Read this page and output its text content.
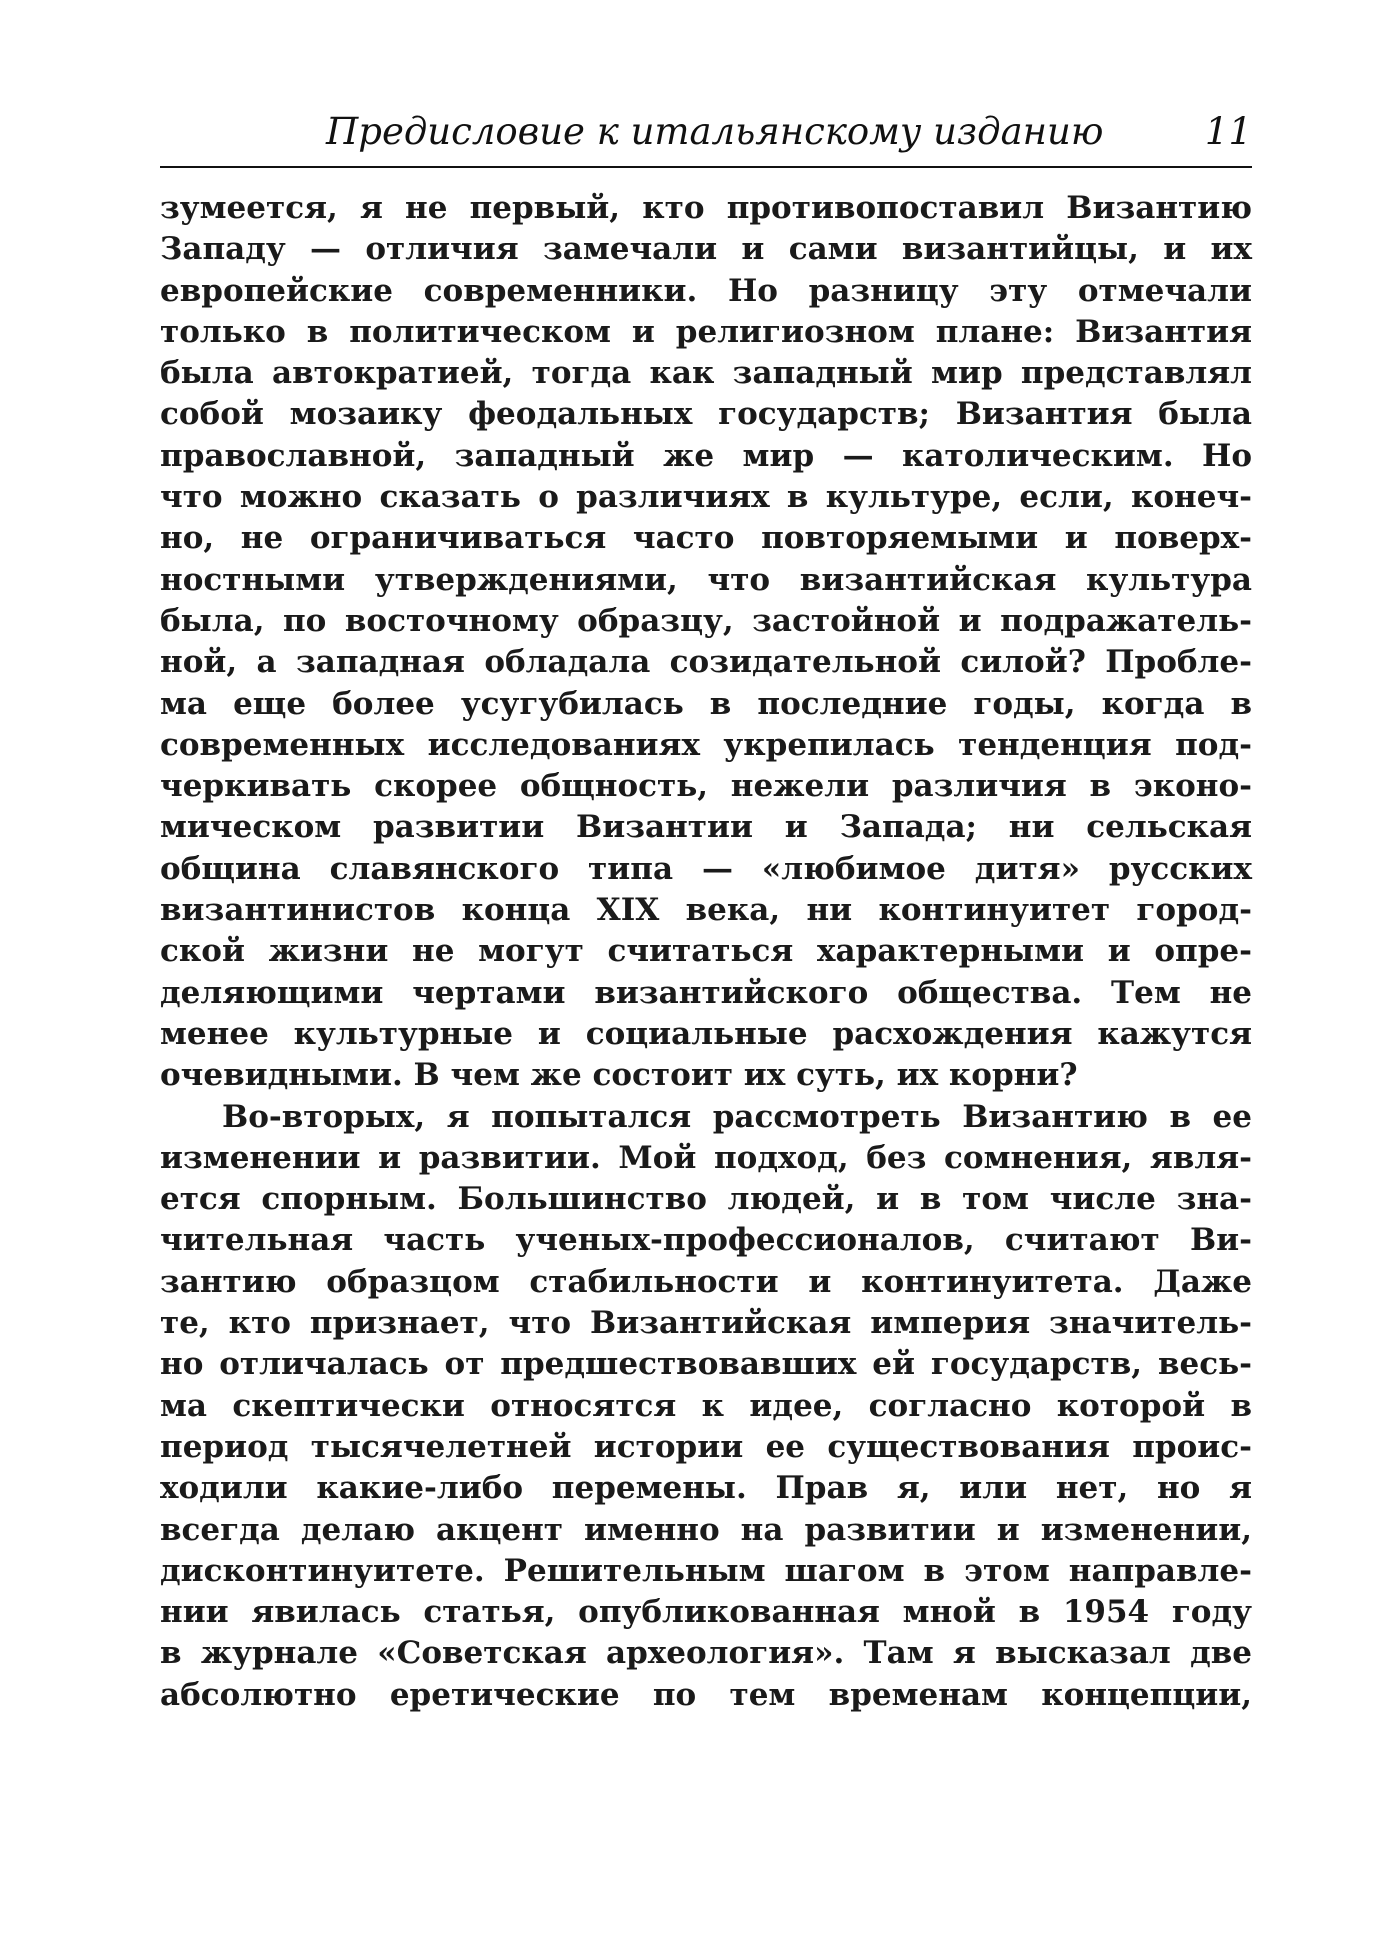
Предисловие к итальянскому изданию	11
зумеется, я не первый, кто противопоставил Византию
Западу — отличия замечали и сами византийцы, и их
европейские современники. Но разницу эту отмечали
только в политическом и религиозном плане: Византия
была автократией, тогда как западный мир представлял
собой мозаику феодальных государств; Византия была
православной, западный же мир — католическим. Но
что можно сказать о различиях в культуре, если, конеч-
но, не ограничиваться часто повторяемыми и поверх-
ностными утверждениями, что византийская культура
была, по восточному образцу, застойной и подражатель-
ной, а западная обладала созидательной силой? Пробле-
ма еще более усугубилась в последние годы, когда в
современных исследованиях укрепилась тенденция под-
черкивать скорее общность, нежели различия в эконо-
мическом развитии Византии и Запада; ни сельская
община славянского типа — «любимое дитя» русских
византинистов конца XIX века, ни континуитет город-
ской жизни не могут считаться характерными и опре-
деляющими чертами византийского общества. Тем не
менее культурные и социальные расхождения кажутся
очевидными. В чем же состоит их суть, их корни?
Во-вторых, я попытался рассмотреть Византию в ее
изменении и развитии. Мой подход, без сомнения, явля-
ется спорным. Большинство людей, и в том числе зна-
чительная часть ученых-профессионалов, считают Ви-
зантию образцом стабильности и континуитета. Даже
те, кто признает, что Византийская империя значитель-
но отличалась от предшествовавших ей государств, весь-
ма скептически относятся к идее, согласно которой в
период тысячелетней истории ее существования проис-
ходили какие-либо перемены. Прав я, или нет, но я
всегда делаю акцент именно на развитии и изменении,
дисконтинуитете. Решительным шагом в этом направле-
нии явилась статья, опубликованная мной в 1954 году
в журнале «Советская археология». Там я высказал две
абсолютно еретические по тем временам концепции,
